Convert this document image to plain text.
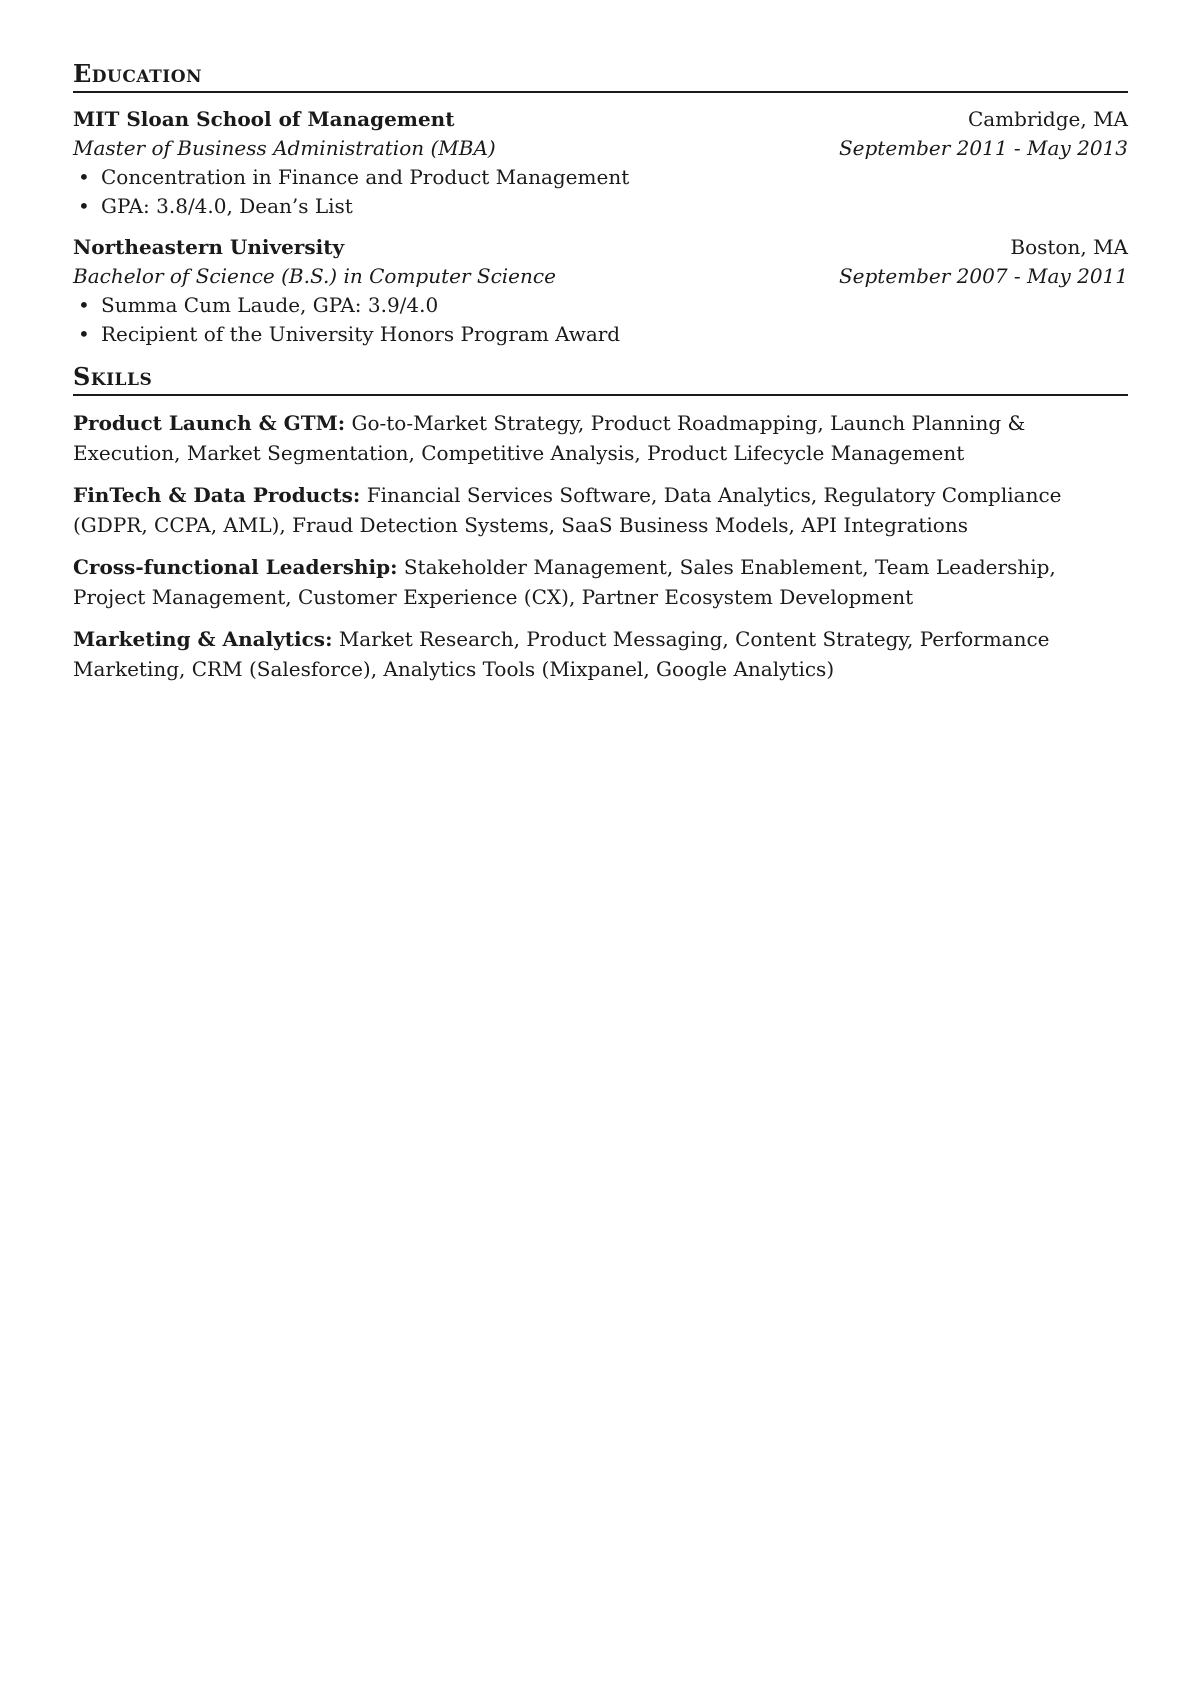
Education
MIT Sloan School of Management	Cambridge, MA
Master of Business Administration (MBA)	September 2011 - May 2013
• Concentration in Finance and Product Management
• GPA: 3.8/4.0, Dean’s List
Northeastern University	Boston, MA
Bachelor of Science (B.S.) in Computer Science	September 2007 - May 2011
• Summa Cum Laude, GPA: 3.9/4.0
• Recipient of the University Honors Program Award
Skills
Product Launch & GTM: Go-to-Market Strategy, Product Roadmapping, Launch Planning & Execution, Market Segmentation, Competitive Analysis, Product Lifecycle Management
FinTech & Data Products: Financial Services Software, Data Analytics, Regulatory Compliance (GDPR, CCPA, AML), Fraud Detection Systems, SaaS Business Models, API Integrations
Cross-functional Leadership: Stakeholder Management, Sales Enablement, Team Leadership, Project Management, Customer Experience (CX), Partner Ecosystem Development
Marketing & Analytics: Market Research, Product Messaging, Content Strategy, Performance Marketing, CRM (Salesforce), Analytics Tools (Mixpanel, Google Analytics)
